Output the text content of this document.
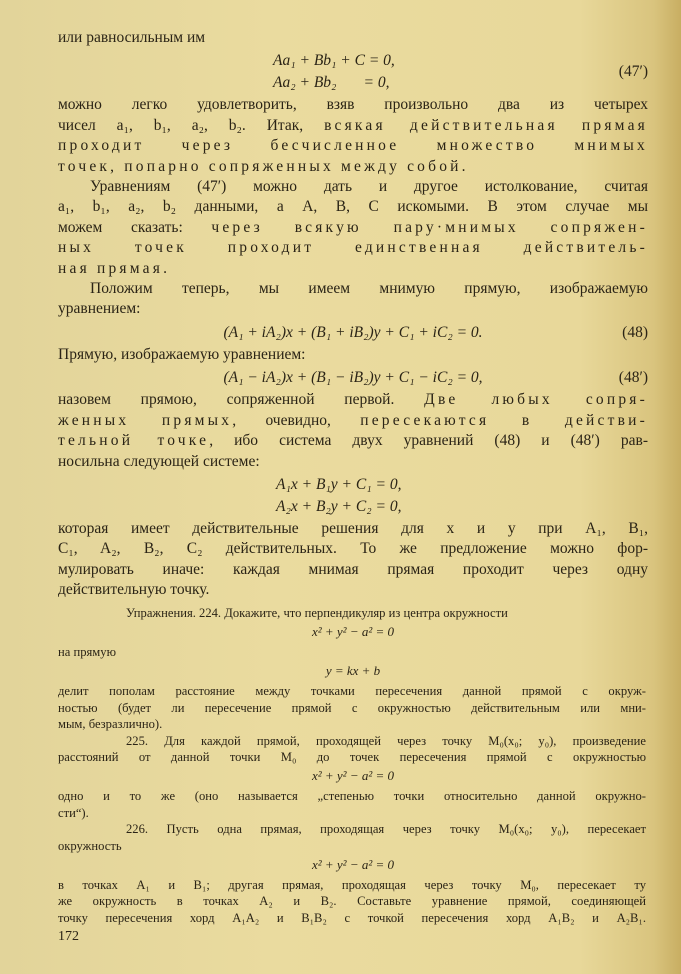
или равносильным им
Aa₁ + Bb₁ + C = 0,
Aa₂ + Bb₂       = 0,
(47′)
можно легко удовлетворить, взяв произвольно два из четырех
чисел a₁, b₁, a₂, b₂. Итак, всякая действительная прямая
проходит через бесчисленное множество мнимых
точек, попарно сопряженных между собой.
Уравнениям (47′) можно дать и другое истолкование, считая
a₁, b₁, a₂, b₂ данными, а A, B, C искомыми. В этом случае мы
можем сказать: через всякую пару·мнимых сопряжен-
ных точек проходит единственная действитель-
ная прямая.
Положим теперь, мы имеем мнимую прямую, изображаемую
уравнением:
(A₁ + iA₂)x + (B₁ + iB₂)y + C₁ + iC₂ = 0.	(48)
Прямую, изображаемую уравнением:
(A₁ − iA₂)x + (B₁ − iB₂)y + C₁ − iC₂ = 0,	(48′)
назовем прямою, сопряженной первой. Две любых сопря-
женных прямых, очевидно, пересекаются в действи-
тельной точке, ибо система двух уравнений (48) и (48′) рав-
носильна следующей системе:
A₁x + B₁y + C₁ = 0,
A₂x + B₂y + C₂ = 0,
которая имеет действительные решения для x и y при A₁, B₁,
C₁, A₂, B₂, C₂ действительных. То же предложение можно фор-
мулировать иначе: каждая мнимая прямая проходит через одну
действительную точку.
Упражнения. 224. Докажите, что перпендикуляр из центра окружности
x² + y² − a² = 0
на прямую
y = kx + b
делит пополам расстояние между точками пересечения данной прямой с окруж-
ностью (будет ли пересечение прямой с окружностью действительным или мни-
мым, безразлично).
225. Для каждой прямой, проходящей через точку M₀(x₀; y₀), произведение
расстояний от данной точки M₀ до точек пересечения прямой с окружностью
x² + y² − a² = 0
одно и то же (оно называется „степенью точки относительно данной окружно-
сти“).
226. Пусть одна прямая, проходящая через точку M₀(x₀; y₀), пересекает
окружность
x² + y² − a² = 0
в точках A₁ и B₁; другая прямая, проходящая через точку M₀, пересекает ту
же окружность в точках A₂ и B₂. Составьте уравнение прямой, соединяющей
точку пересечения хорд A₁A₂ и B₁B₂ с точкой пересечения хорд A₁B₂ и A₂B₁.
172
